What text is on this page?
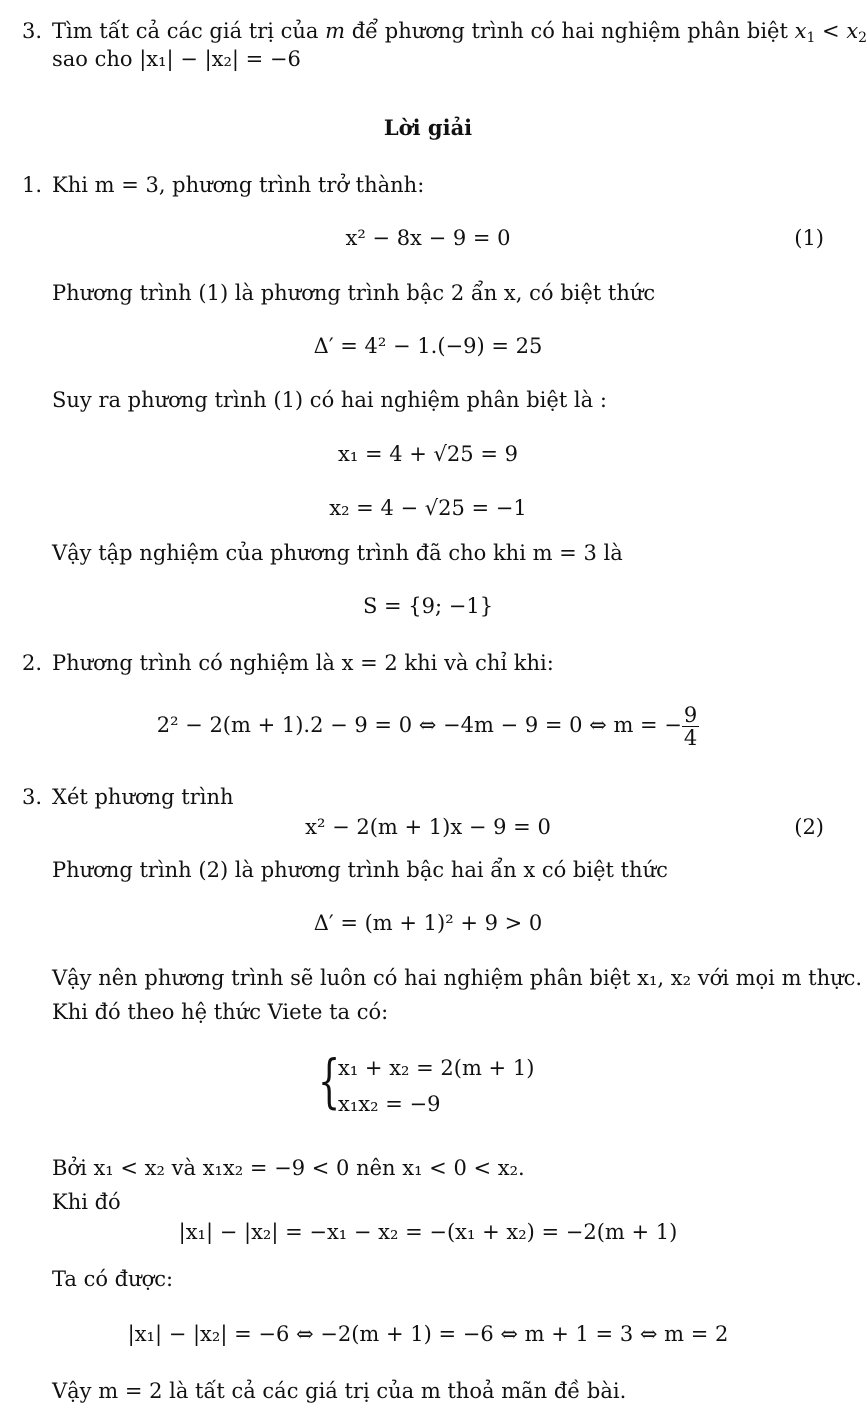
3. Tìm tất cả các giá trị của m để phương trình có hai nghiệm phân biệt $x_1 < x_2$
sao cho |x₁| − |x₂| = −6
Lời giải
1. Khi m = 3, phương trình trở thành:
x² − 8x − 9 = 0	(1)
Phương trình (1) là phương trình bậc 2 ẩn x, có biệt thức
Δ′ = 4² − 1.(−9) = 25
Suy ra phương trình (1) có hai nghiệm phân biệt là :
x₁ = 4 + √25 = 9
x₂ = 4 − √25 = −1
Vậy tập nghiệm của phương trình đã cho khi m = 3 là
S = {9; −1}
2. Phương trình có nghiệm là x = 2 khi và chỉ khi:
2² − 2(m + 1).2 − 9 = 0 ⇔ −4m − 9 = 0 ⇔ m = − $\frac{9}{4}$
3. Xét phương trình
x² − 2(m + 1)x − 9 = 0	(2)
Phương trình (2) là phương trình bậc hai ẩn x có biệt thức
Δ′ = (m + 1)² + 9 > 0
Vậy nên phương trình sẽ luôn có hai nghiệm phân biệt x₁, x₂ với mọi m thực.
Khi đó theo hệ thức Viete ta có:
{
x₁ + x₂ = 2(m + 1)
x₁x₂ = −9
Bởi x₁ < x₂ và x₁x₂ = −9 < 0 nên x₁ < 0 < x₂.
Khi đó
|x₁| − |x₂| = −x₁ − x₂ = −(x₁ + x₂) = −2(m + 1)
Ta có được:
|x₁| − |x₂| = −6 ⇔ −2(m + 1) = −6 ⇔ m + 1 = 3 ⇔ m = 2
Vậy m = 2 là tất cả các giá trị của m thoả mãn đề bài.
